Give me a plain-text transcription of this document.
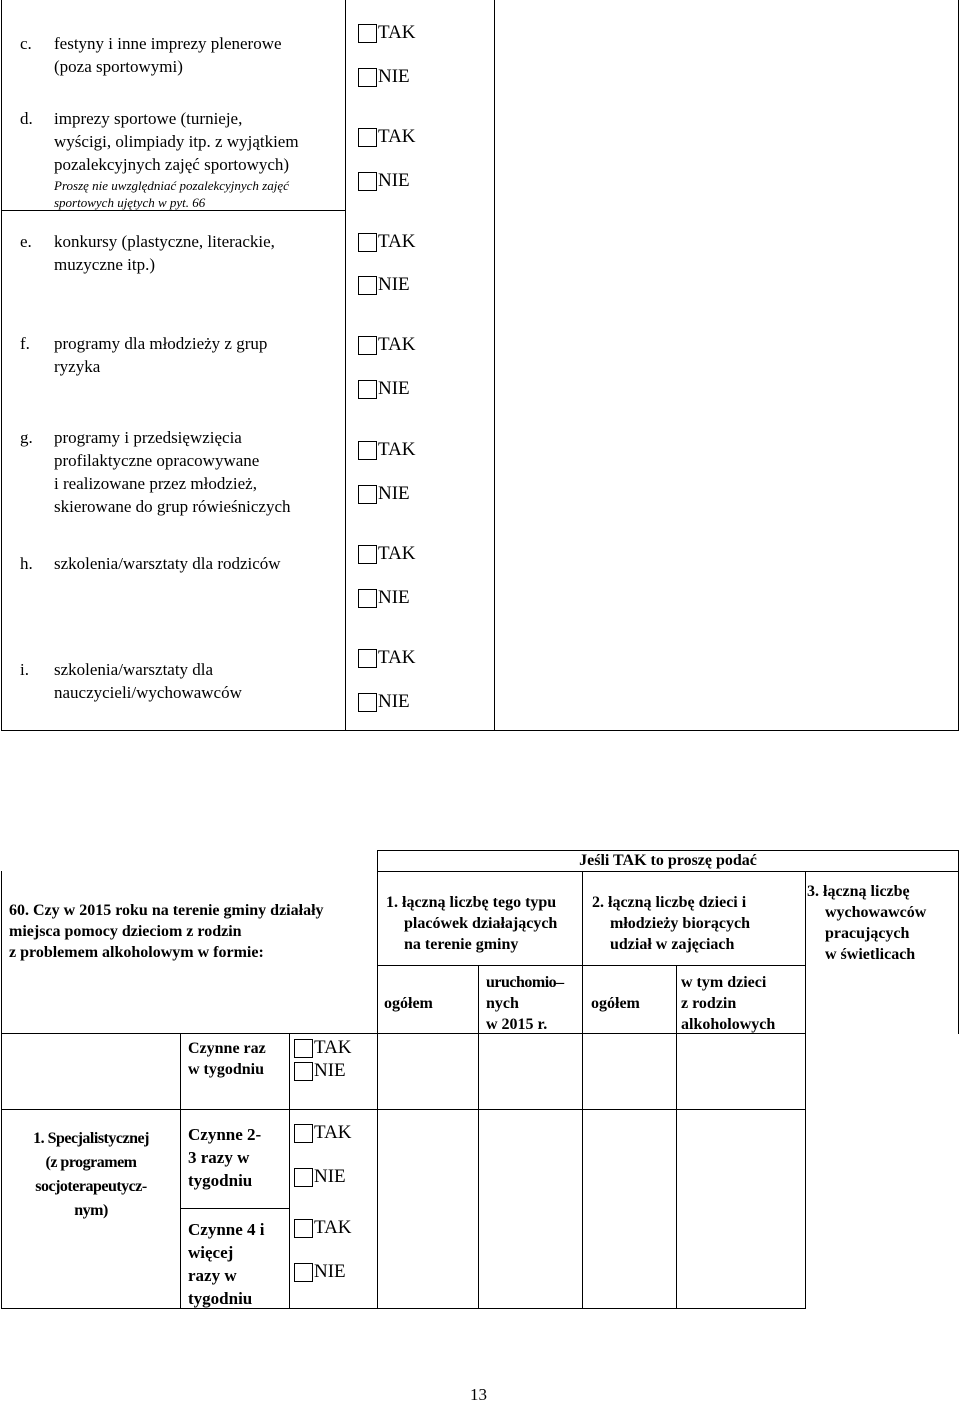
c. festyny i inne imprezy plenerowe
(poza sportowymi)
d. imprezy sportowe (turnieje,
wyścigi, olimpiady itp. z wyjątkiem
pozalekcyjnych zajęć sportowych)
Proszę nie uwzględniać pozalekcyjnych zajęć
sportowych ujętych w pyt. 66
e. konkursy (plastyczne, literackie,
muzyczne itp.)
f. programy dla młodzieży z grup
ryzyka
g. programy i przedsięwzięcia
profilaktyczne opracowywane
i realizowane przez młodzież,
skierowane do grup rówieśniczych
h. szkolenia/warsztaty dla rodziców
i. szkolenia/warsztaty dla
nauczycieli/wychowawców
TAK
NIE
TAK
NIE
TAK
NIE
TAK
NIE
TAK
NIE
TAK
NIE
TAK
NIE
Jeśli TAK to proszę podać
60. Czy w 2015 roku na terenie gminy działały
miejsca pomocy dzieciom z rodzin
z problemem alkoholowym w formie:
1. łączną liczbę tego typu
placówek działających
na terenie gminy
2. łączną liczbę dzieci i
młodzieży biorących
udział w zajęciach
3. łączną liczbę
wychowawców
pracujących
w świetlicach
ogółem
uruchomio–
nych
w 2015 r.
ogółem
w tym dzieci
z rodzin
alkoholowych
1. Specjalistycznej
(z programem
socjoterapeutycz-
nym)
Czynne raz
w tygodniu
Czynne 2-
3 razy w
tygodniu
Czynne 4 i
więcej
razy w
tygodniu
TAK
NIE
TAK
NIE
TAK
NIE
13
